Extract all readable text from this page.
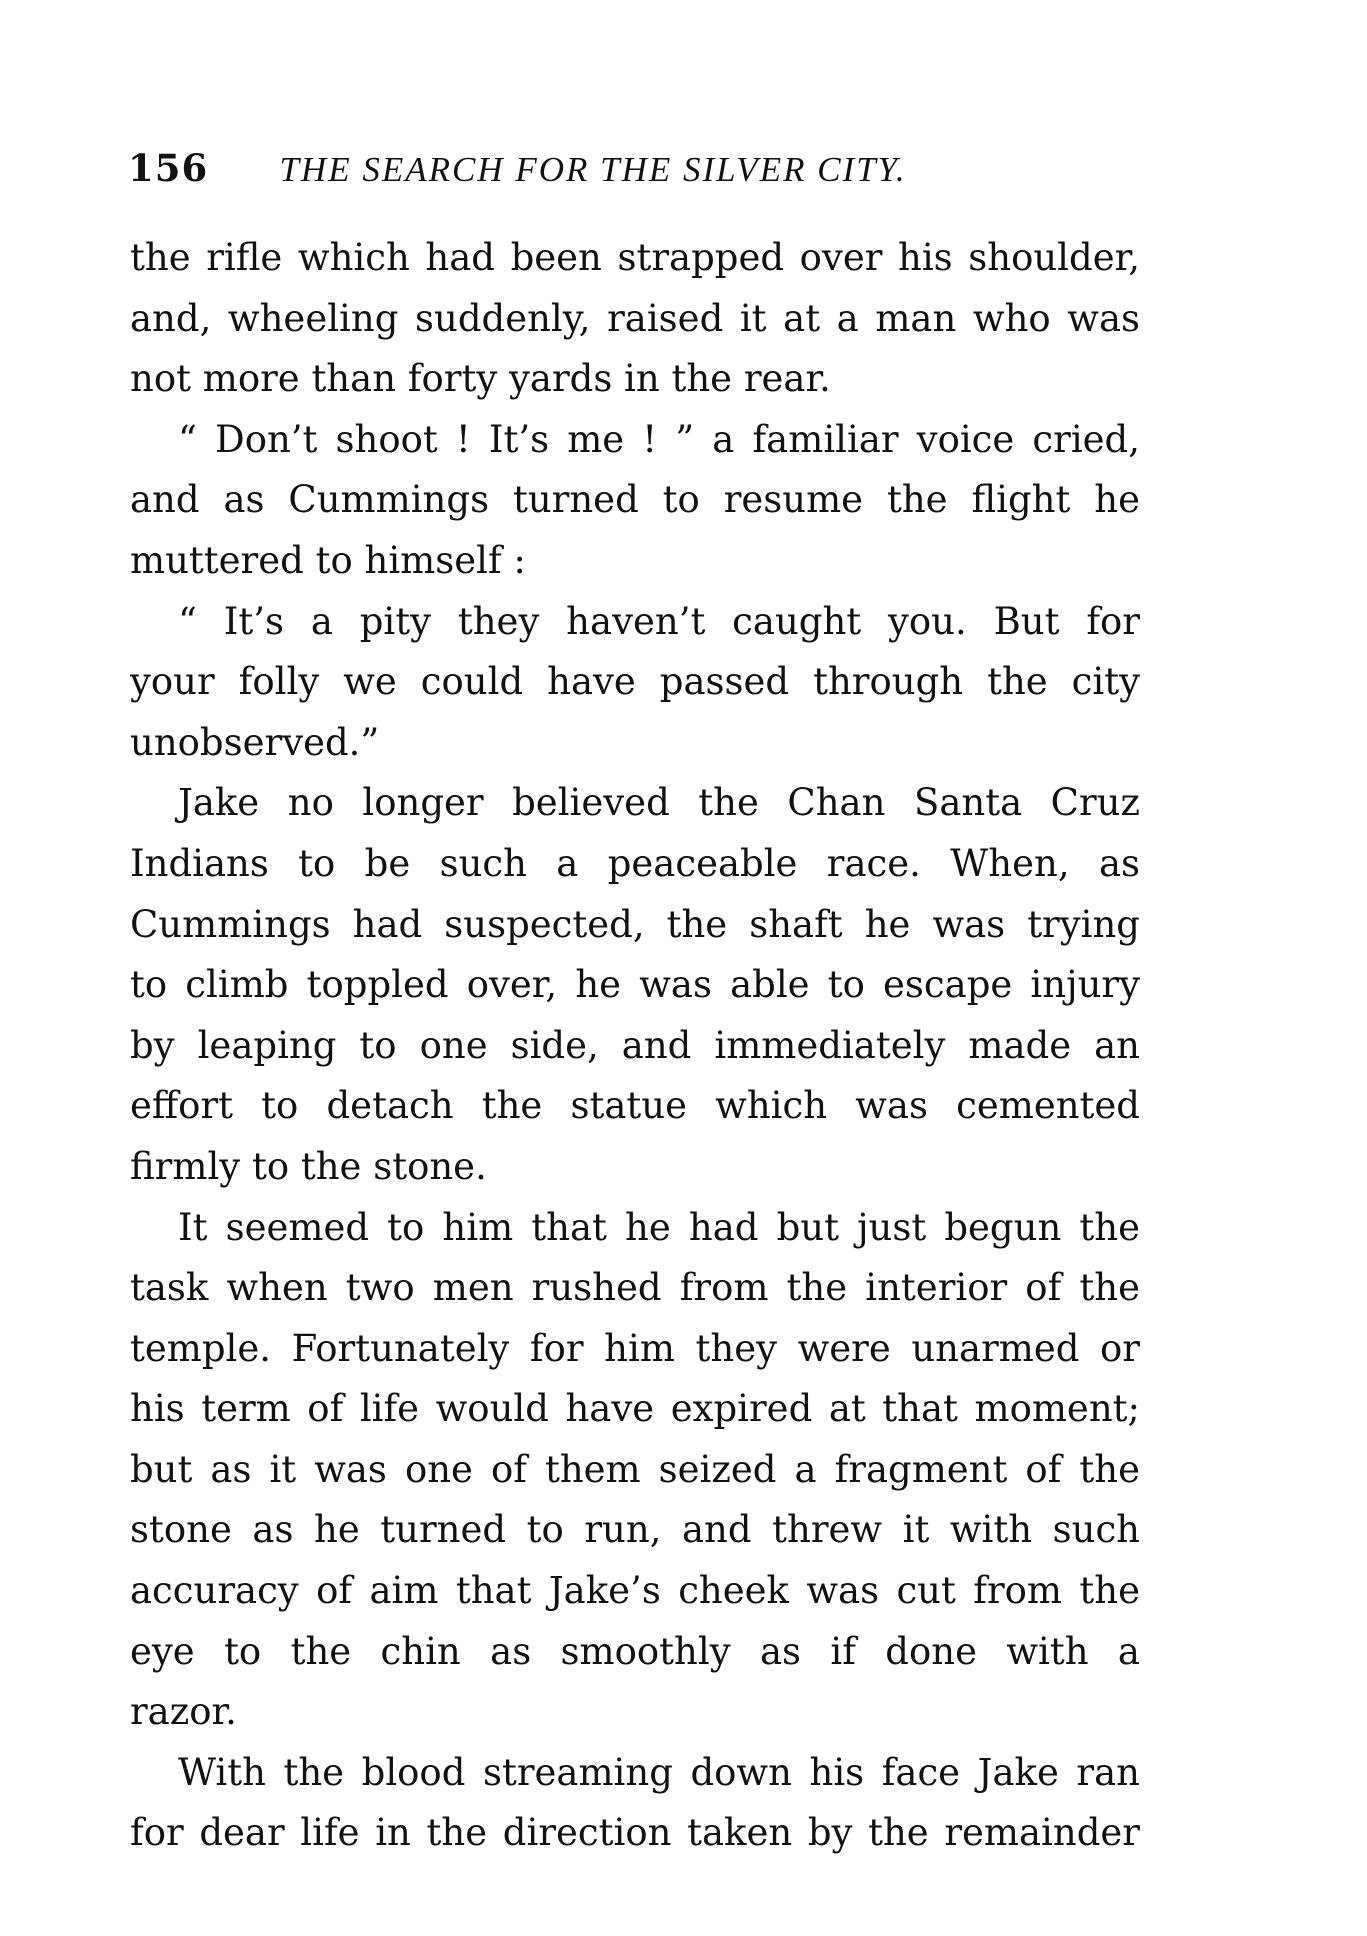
156 THE SEARCH FOR THE SILVER CITY.
the rifle which had been strapped over his shoulder,
and, wheeling suddenly, raised it at a man who was
not more than forty yards in the rear.
“ Don’t shoot ! It’s me ! ” a familiar voice cried,
and as Cummings turned to resume the flight he
muttered to himself :
“ It’s a pity they haven’t caught you. But for
your folly we could have passed through the city
unobserved.”
Jake no longer believed the Chan Santa Cruz
Indians to be such a peaceable race. When, as
Cummings had suspected, the shaft he was trying
to climb toppled over, he was able to escape injury
by leaping to one side, and immediately made an
effort to detach the statue which was cemented
firmly to the stone.
It seemed to him that he had but just begun the
task when two men rushed from the interior of the
temple. Fortunately for him they were unarmed or
his term of life would have expired at that moment;
but as it was one of them seized a fragment of the
stone as he turned to run, and threw it with such
accuracy of aim that Jake’s cheek was cut from the
eye to the chin as smoothly as if done with a
razor.
With the blood streaming down his face Jake ran
for dear life in the direction taken by the remainder
